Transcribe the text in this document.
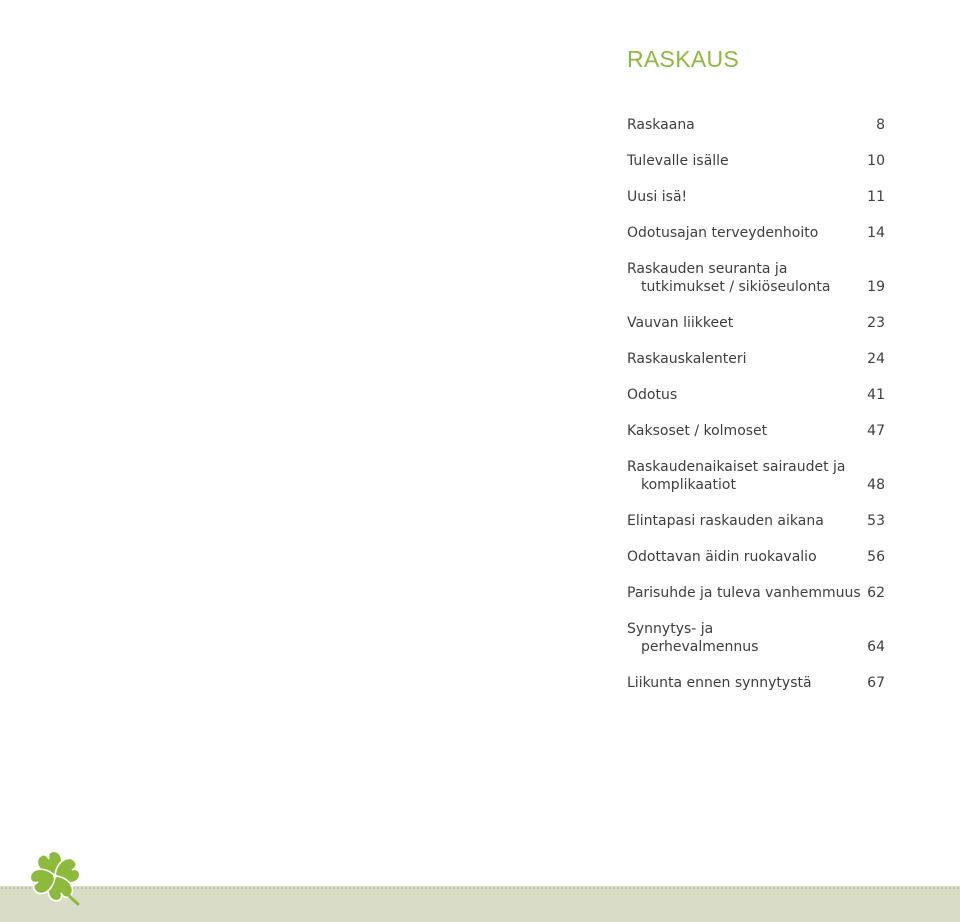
RASKAUS
Raskaana	8
Tulevalle isälle	10
Uusi isä!	11
Odotusajan terveydenhoito	14
Raskauden seuranta ja
tutkimukset / sikiöseulonta	19
Vauvan liikkeet	23
Raskauskalenteri	24
Odotus	41
Kaksoset / kolmoset	47
Raskaudenaikaiset sairaudet ja
komplikaatiot	48
Elintapasi raskauden aikana	53
Odottavan äidin ruokavalio	56
Parisuhde ja tuleva vanhemmuus 62
Synnytys- ja
perhevalmennus	64
Liikunta ennen synnytystä	67
